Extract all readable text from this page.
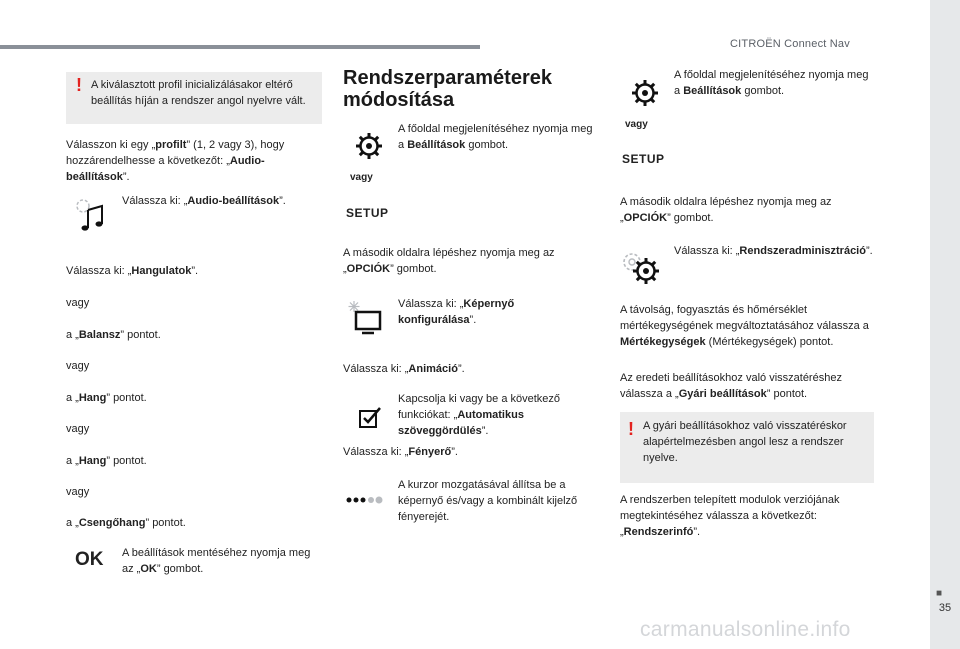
CITROËN Connect Nav
■
35
carmanualsonline.info
! A kiválasztott profil inicializálásakor eltérő beállítás híján a rendszer angol nyelvre vált.

Válasszon ki egy „profilt” (1, 2 vagy 3), hogy hozzárendelhesse a következőt: „Audio-beállítások”.

Válassza ki: „Audio-beállítások”.

Válassza ki: „Hangulatok”.

vagy

a „Balansz” pontot.

vagy

a „Hang” pontot.

vagy

a „Hang” pontot.

vagy

a „Csengőhang” pontot.

OK A beállítások mentéséhez nyomja meg az „OK” gombot.

Rendszerparaméterek módosítása

A főoldal megjelenítéséhez nyomja meg a Beállítások gombot.

vagy
SETUP

A második oldalra lépéshez nyomja meg az „OPCIÓK” gombot.

Válassza ki: „Képernyő konfigurálása”.

Válassza ki: „Animáció”.

Kapcsolja ki vagy be a következő funkciókat: „Automatikus szöveggördülés”.

Válassza ki: „Fényerő”.

A kurzor mozgatásával állítsa be a képernyő és/vagy a kombinált kijelző fényerejét.

A főoldal megjelenítéséhez nyomja meg a Beállítások gombot.

vagy
SETUP

A második oldalra lépéshez nyomja meg az „OPCIÓK” gombot.

Válassza ki: „Rendszeradminisztráció”.

A távolság, fogyasztás és hőmérséklet mértékegységének megváltoztatásához válassza a Mértékegységek (Mértékegységek) pontot.

Az eredeti beállításokhoz való visszatéréshez válassza a „Gyári beállítások” pontot.

! A gyári beállításokhoz való visszatéréskor alapértelmezésben angol lesz a rendszer nyelve.

A rendszerben telepített modulok verziójának megtekintéséhez válassza a következőt: „Rendszerinfó”.
